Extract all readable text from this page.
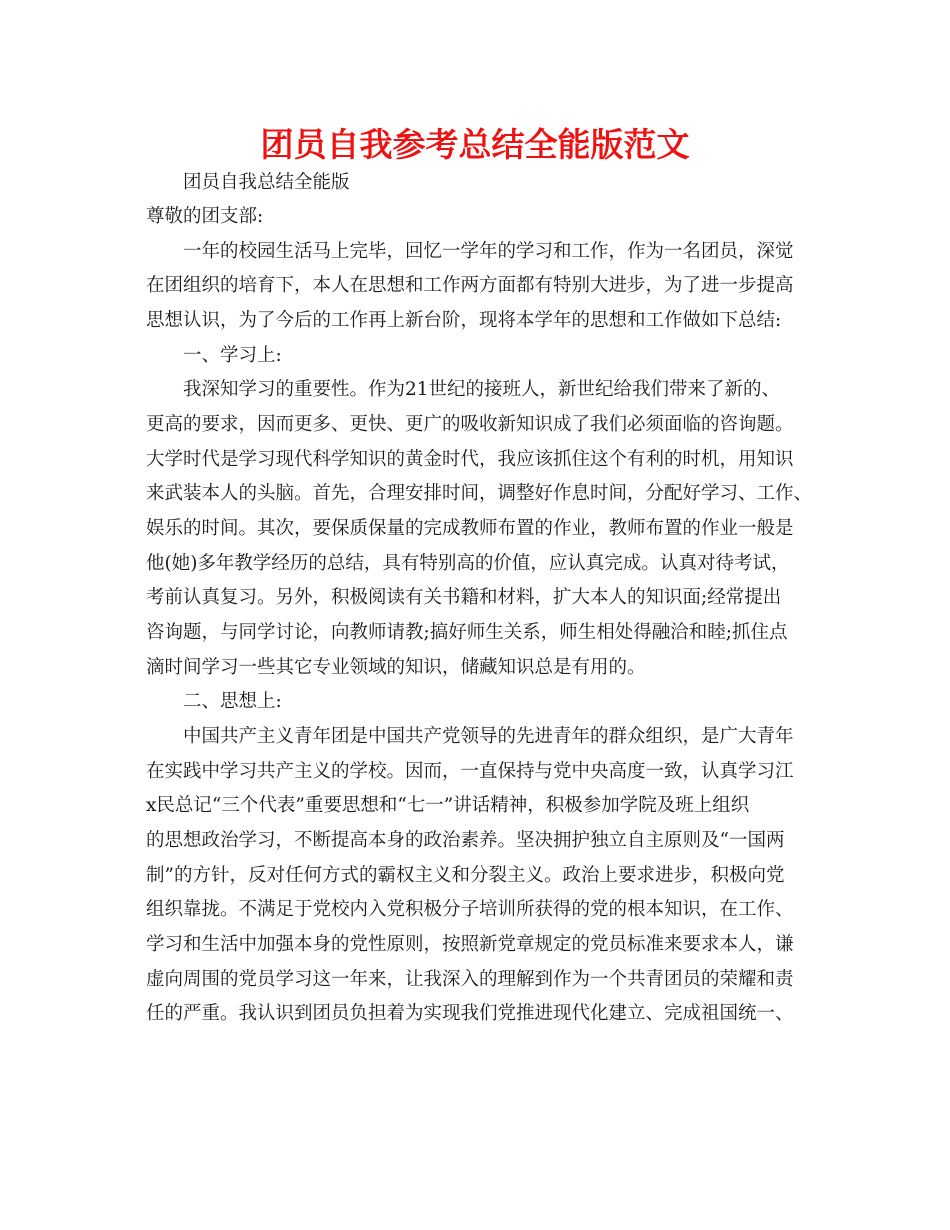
团员自我参考总结全能版范文

团员自我总结全能版

尊敬的团支部:

一年的校园生活马上完毕，回忆一学年的学习和工作，作为一名团员，深觉

在团组织的培育下，本人在思想和工作两方面都有特别大进步，为了进一步提高

思想认识，为了今后的工作再上新台阶，现将本学年的思想和工作做如下总结:

一、学习上:

我深知学习的重要性。作为21世纪的接班人，新世纪给我们带来了新的、

更高的要求，因而更多、更快、更广的吸收新知识成了我们必须面临的咨询题。

大学时代是学习现代科学知识的黄金时代，我应该抓住这个有利的时机，用知识

来武装本人的头脑。首先，合理安排时间，调整好作息时间，分配好学习、工作、

娱乐的时间。其次，要保质保量的完成教师布置的作业，教师布置的作业一般是

他(她)多年教学经历的总结，具有特别高的价值，应认真完成。认真对待考试，

考前认真复习。另外，积极阅读有关书籍和材料，扩大本人的知识面;经常提出

咨询题，与同学讨论，向教师请教;搞好师生关系，师生相处得融洽和睦;抓住点

滴时间学习一些其它专业领域的知识，储藏知识总是有用的。

二、思想上:

中国共产主义青年团是中国共产党领导的先进青年的群众组织，是广大青年

在实践中学习共产主义的学校。因而，一直保持与党中央高度一致，认真学习江

x民总记“三个代表”重要思想和“七一”讲话精神，积极参加学院及班上组织

的思想政治学习，不断提高本身的政治素养。坚决拥护独立自主原则及“一国两

制”的方针，反对任何方式的霸权主义和分裂主义。政治上要求进步，积极向党

组织靠拢。不满足于党校内入党积极分子培训所获得的党的根本知识，在工作、

学习和生活中加强本身的党性原则，按照新党章规定的党员标准来要求本人，谦

虚向周围的党员学习这一年来，让我深入的理解到作为一个共青团员的荣耀和责

任的严重。我认识到团员负担着为实现我们党推进现代化建立、完成祖国统一、
